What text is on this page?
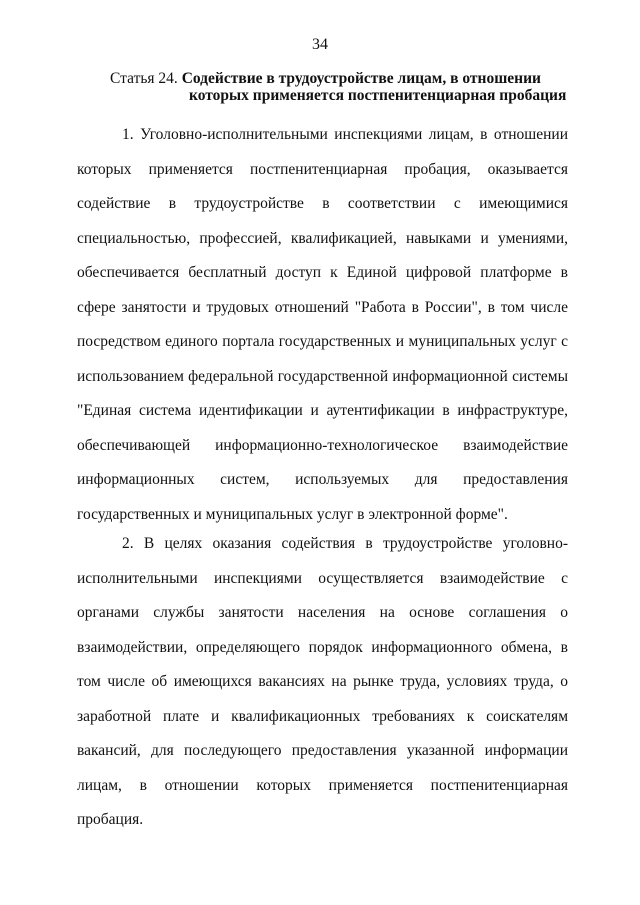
34
Статья 24. Содействие в трудоустройстве лицам, в отношении
которых применяется постпенитенциарная пробация

1. Уголовно-исполнительными инспекциями лицам, в отношении которых применяется постпенитенциарная пробация, оказывается содействие в трудоустройстве в соответствии с имеющимися специальностью, профессией, квалификацией, навыками и умениями, обеспечивается бесплатный доступ к Единой цифровой платформе в сфере занятости и трудовых отношений "Работа в России", в том числе посредством единого портала государственных и муниципальных услуг с использованием федеральной государственной информационной системы "Единая система идентификации и аутентификации в инфраструктуре, обеспечивающей информационно-технологическое взаимодействие информационных систем, используемых для предоставления государственных и муниципальных услуг в электронной форме".

2. В целях оказания содействия в трудоустройстве уголовно-исполнительными инспекциями осуществляется взаимодействие с органами службы занятости населения на основе соглашения о взаимодействии, определяющего порядок информационного обмена, в том числе об имеющихся вакансиях на рынке труда, условиях труда, о заработной плате и квалификационных требованиях к соискателям вакансий, для последующего предоставления указанной информации лицам, в отношении которых применяется постпенитенциарная пробация.
